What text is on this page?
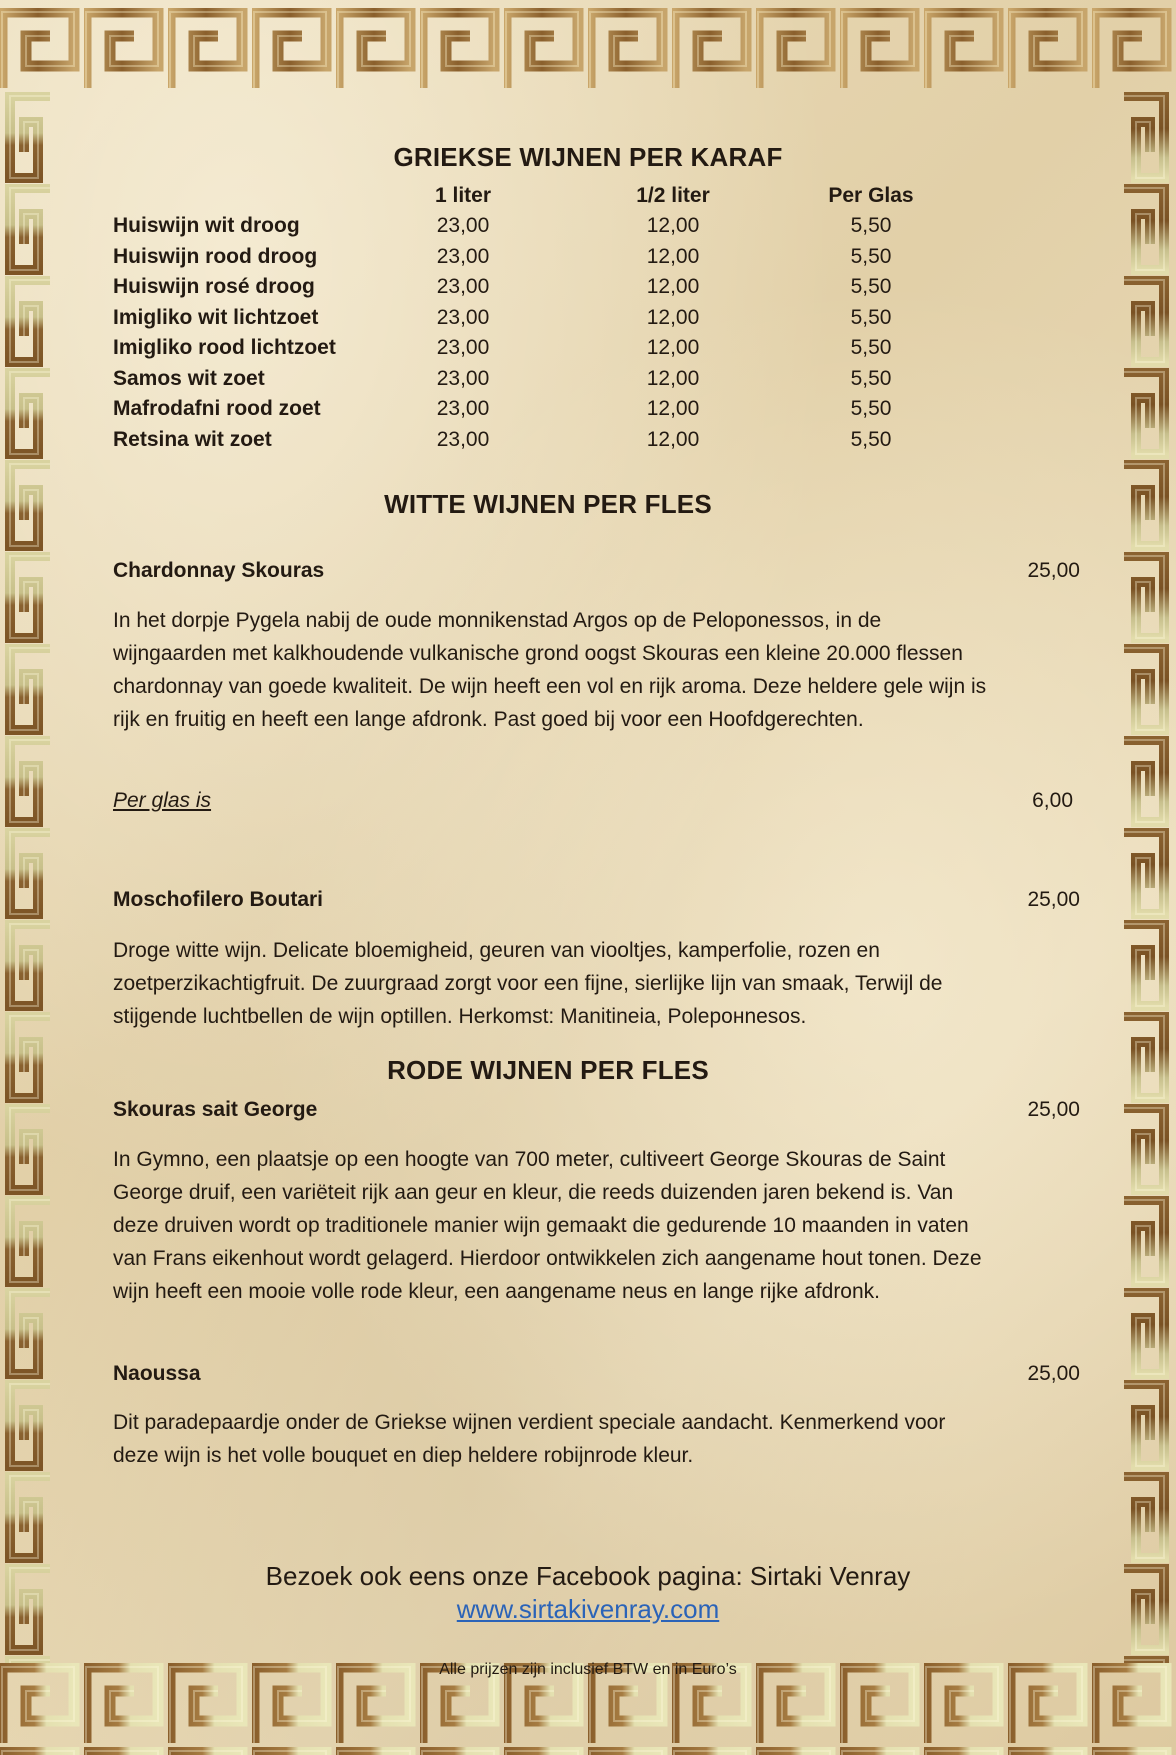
GRIEKSE WIJNEN PER KARAF
1 liter	1/2 liter	Per Glas
Huiswijn wit droog	23,00	12,00	5,50
Huiswijn rood droog	23,00	12,00	5,50
Huiswijn rosé droog	23,00	12,00	5,50
Imigliko wit lichtzoet	23,00	12,00	5,50
Imigliko rood lichtzoet	23,00	12,00	5,50
Samos wit zoet	23,00	12,00	5,50
Mafrodafni rood zoet	23,00	12,00	5,50
Retsina wit zoet	23,00	12,00	5,50
WITTE WIJNEN PER FLES
Chardonnay Skouras	25,00

In het dorpje Pygela nabij de oude monnikenstad Argos op de Peloponessos, in de wijngaarden met kalkhoudende vulkanische grond oogst Skouras een kleine 20.000 flessen chardonnay van goede kwaliteit. De wijn heeft een vol en rijk aroma. Deze heldere gele wijn is rijk en fruitig en heeft een lange afdronk. Past goed bij voor een Hoofdgerechten.

Per glas is	6,00
Moschofilero Boutari	25,00

Droge witte wijn. Delicate bloemigheid, geuren van viooltjes, kamperfolie, rozen en zoetperzikachtigfruit. De zuurgraad zorgt voor een fijne, sierlijke lijn van smaak, Terwijl de stijgende luchtbellen de wijn optillen. Herkomst: Manitineia, Polepонnesos.

RODE WIJNEN PER FLES
Skouras sait George	25,00

In Gymno, een plaatsje op een hoogte van 700 meter, cultiveert George Skouras de Saint George druif, een variëteit rijk aan geur en kleur, die reeds duizenden jaren bekend is. Van deze druiven wordt op traditionele manier wijn gemaakt die gedurende 10 maanden in vaten van Frans eikenhout wordt gelagerd. Hierdoor ontwikkelen zich aangename hout tonen. Deze wijn heeft een mooie volle rode kleur, een aangename neus en lange rijke afdronk.

Naoussa	25,00

Dit paradepaardje onder de Griekse wijnen verdient speciale aandacht. Kenmerkend voor deze wijn is het volle bouquet en diep heldere robijnrode kleur.

Bezoek ook eens onze Facebook pagina: Sirtaki Venray
www.sirtakivenray.com
Alle prijzen zijn inclusief BTW en in Euro’s
